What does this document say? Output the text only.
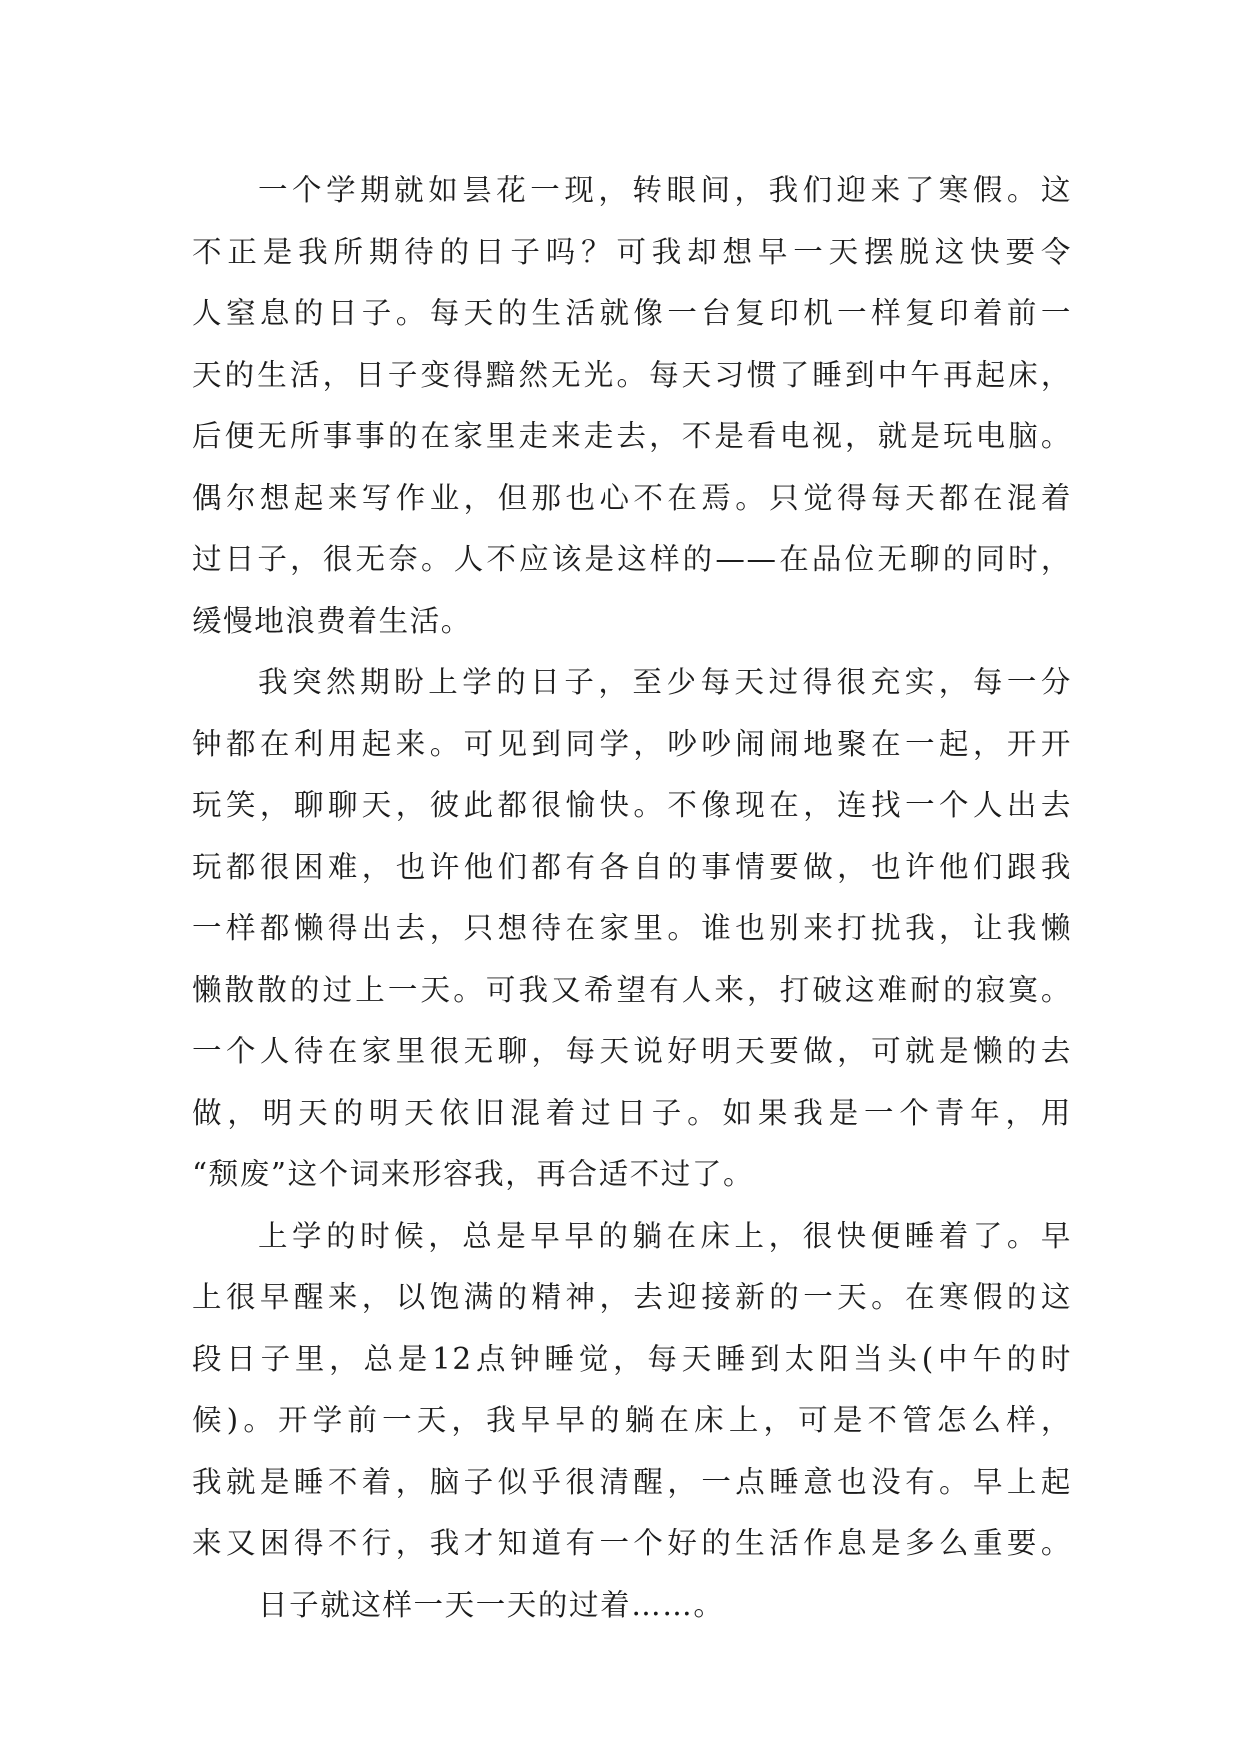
一个学期就如昙花一现，转眼间，我们迎来了寒假。这
不正是我所期待的日子吗？可我却想早一天摆脱这快要令
人窒息的日子。每天的生活就像一台复印机一样复印着前一
天的生活，日子变得黯然无光。每天习惯了睡到中午再起床，
后便无所事事的在家里走来走去，不是看电视，就是玩电脑。
偶尔想起来写作业，但那也心不在焉。只觉得每天都在混着
过日子，很无奈。人不应该是这样的——在品位无聊的同时，
缓慢地浪费着生活。
我突然期盼上学的日子，至少每天过得很充实，每一分
钟都在利用起来。可见到同学，吵吵闹闹地聚在一起，开开
玩笑，聊聊天，彼此都很愉快。不像现在，连找一个人出去
玩都很困难，也许他们都有各自的事情要做，也许他们跟我
一样都懒得出去，只想待在家里。谁也别来打扰我，让我懒
懒散散的过上一天。可我又希望有人来，打破这难耐的寂寞。
一个人待在家里很无聊，每天说好明天要做，可就是懒的去
做，明天的明天依旧混着过日子。如果我是一个青年，用
“颓废”这个词来形容我，再合适不过了。
上学的时候，总是早早的躺在床上，很快便睡着了。早
上很早醒来，以饱满的精神，去迎接新的一天。在寒假的这
段日子里，总是12点钟睡觉，每天睡到太阳当头(中午的时
候)。开学前一天，我早早的躺在床上，可是不管怎么样，
我就是睡不着，脑子似乎很清醒，一点睡意也没有。早上起
来又困得不行，我才知道有一个好的生活作息是多么重要。
日子就这样一天一天的过着……。
